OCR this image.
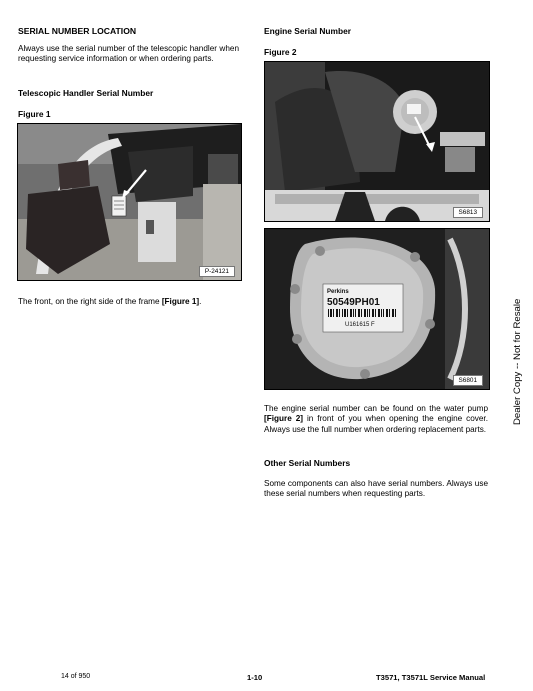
SERIAL NUMBER LOCATION
Always use the serial number of the telescopic handler when requesting service information or when ordering parts.
Telescopic Handler Serial Number
Figure 1
P-24121
The front, on the right side of the frame [Figure 1].
Engine Serial Number
Figure 2
S6813
Perkins
50549PH01
U161615 F
S6801
The engine serial number can be found on the water pump [Figure 2] in front of you when opening the engine cover. Always use the full number when ordering replacement parts.
Other Serial Numbers
Some components can also have serial numbers. Always use these serial numbers when requesting parts.
Dealer Copy -- Not for Resale
14 of 950	1-10	T3571, T3571L Service Manual
